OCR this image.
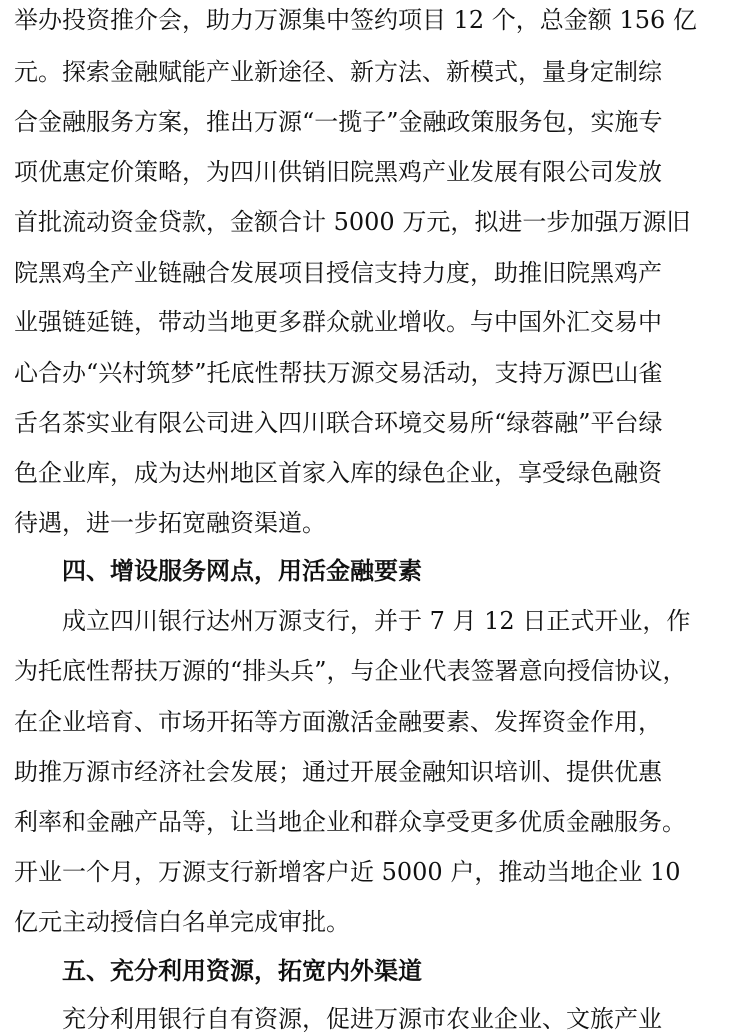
举办投资推介会，助力万源集中签约项目 12 个，总金额 156 亿
元。探索金融赋能产业新途径、新方法、新模式，量身定制综
合金融服务方案，推出万源“一揽子”金融政策服务包，实施专
项优惠定价策略，为四川供销旧院黑鸡产业发展有限公司发放
首批流动资金贷款，金额合计 5000 万元，拟进一步加强万源旧
院黑鸡全产业链融合发展项目授信支持力度，助推旧院黑鸡产
业强链延链，带动当地更多群众就业增收。与中国外汇交易中
心合办“兴村筑梦”托底性帮扶万源交易活动，支持万源巴山雀
舌名茶实业有限公司进入四川联合环境交易所“绿蓉融”平台绿
色企业库，成为达州地区首家入库的绿色企业，享受绿色融资
待遇，进一步拓宽融资渠道。
四、增设服务网点，用活金融要素
成立四川银行达州万源支行，并于 7 月 12 日正式开业，作
为托底性帮扶万源的“排头兵”，与企业代表签署意向授信协议，
在企业培育、市场开拓等方面激活金融要素、发挥资金作用，
助推万源市经济社会发展；通过开展金融知识培训、提供优惠
利率和金融产品等，让当地企业和群众享受更多优质金融服务。
开业一个月，万源支行新增客户近 5000 户，推动当地企业 10
亿元主动授信白名单完成审批。
五、充分利用资源，拓宽内外渠道
充分利用银行自有资源，促进万源市农业企业、文旅产业
